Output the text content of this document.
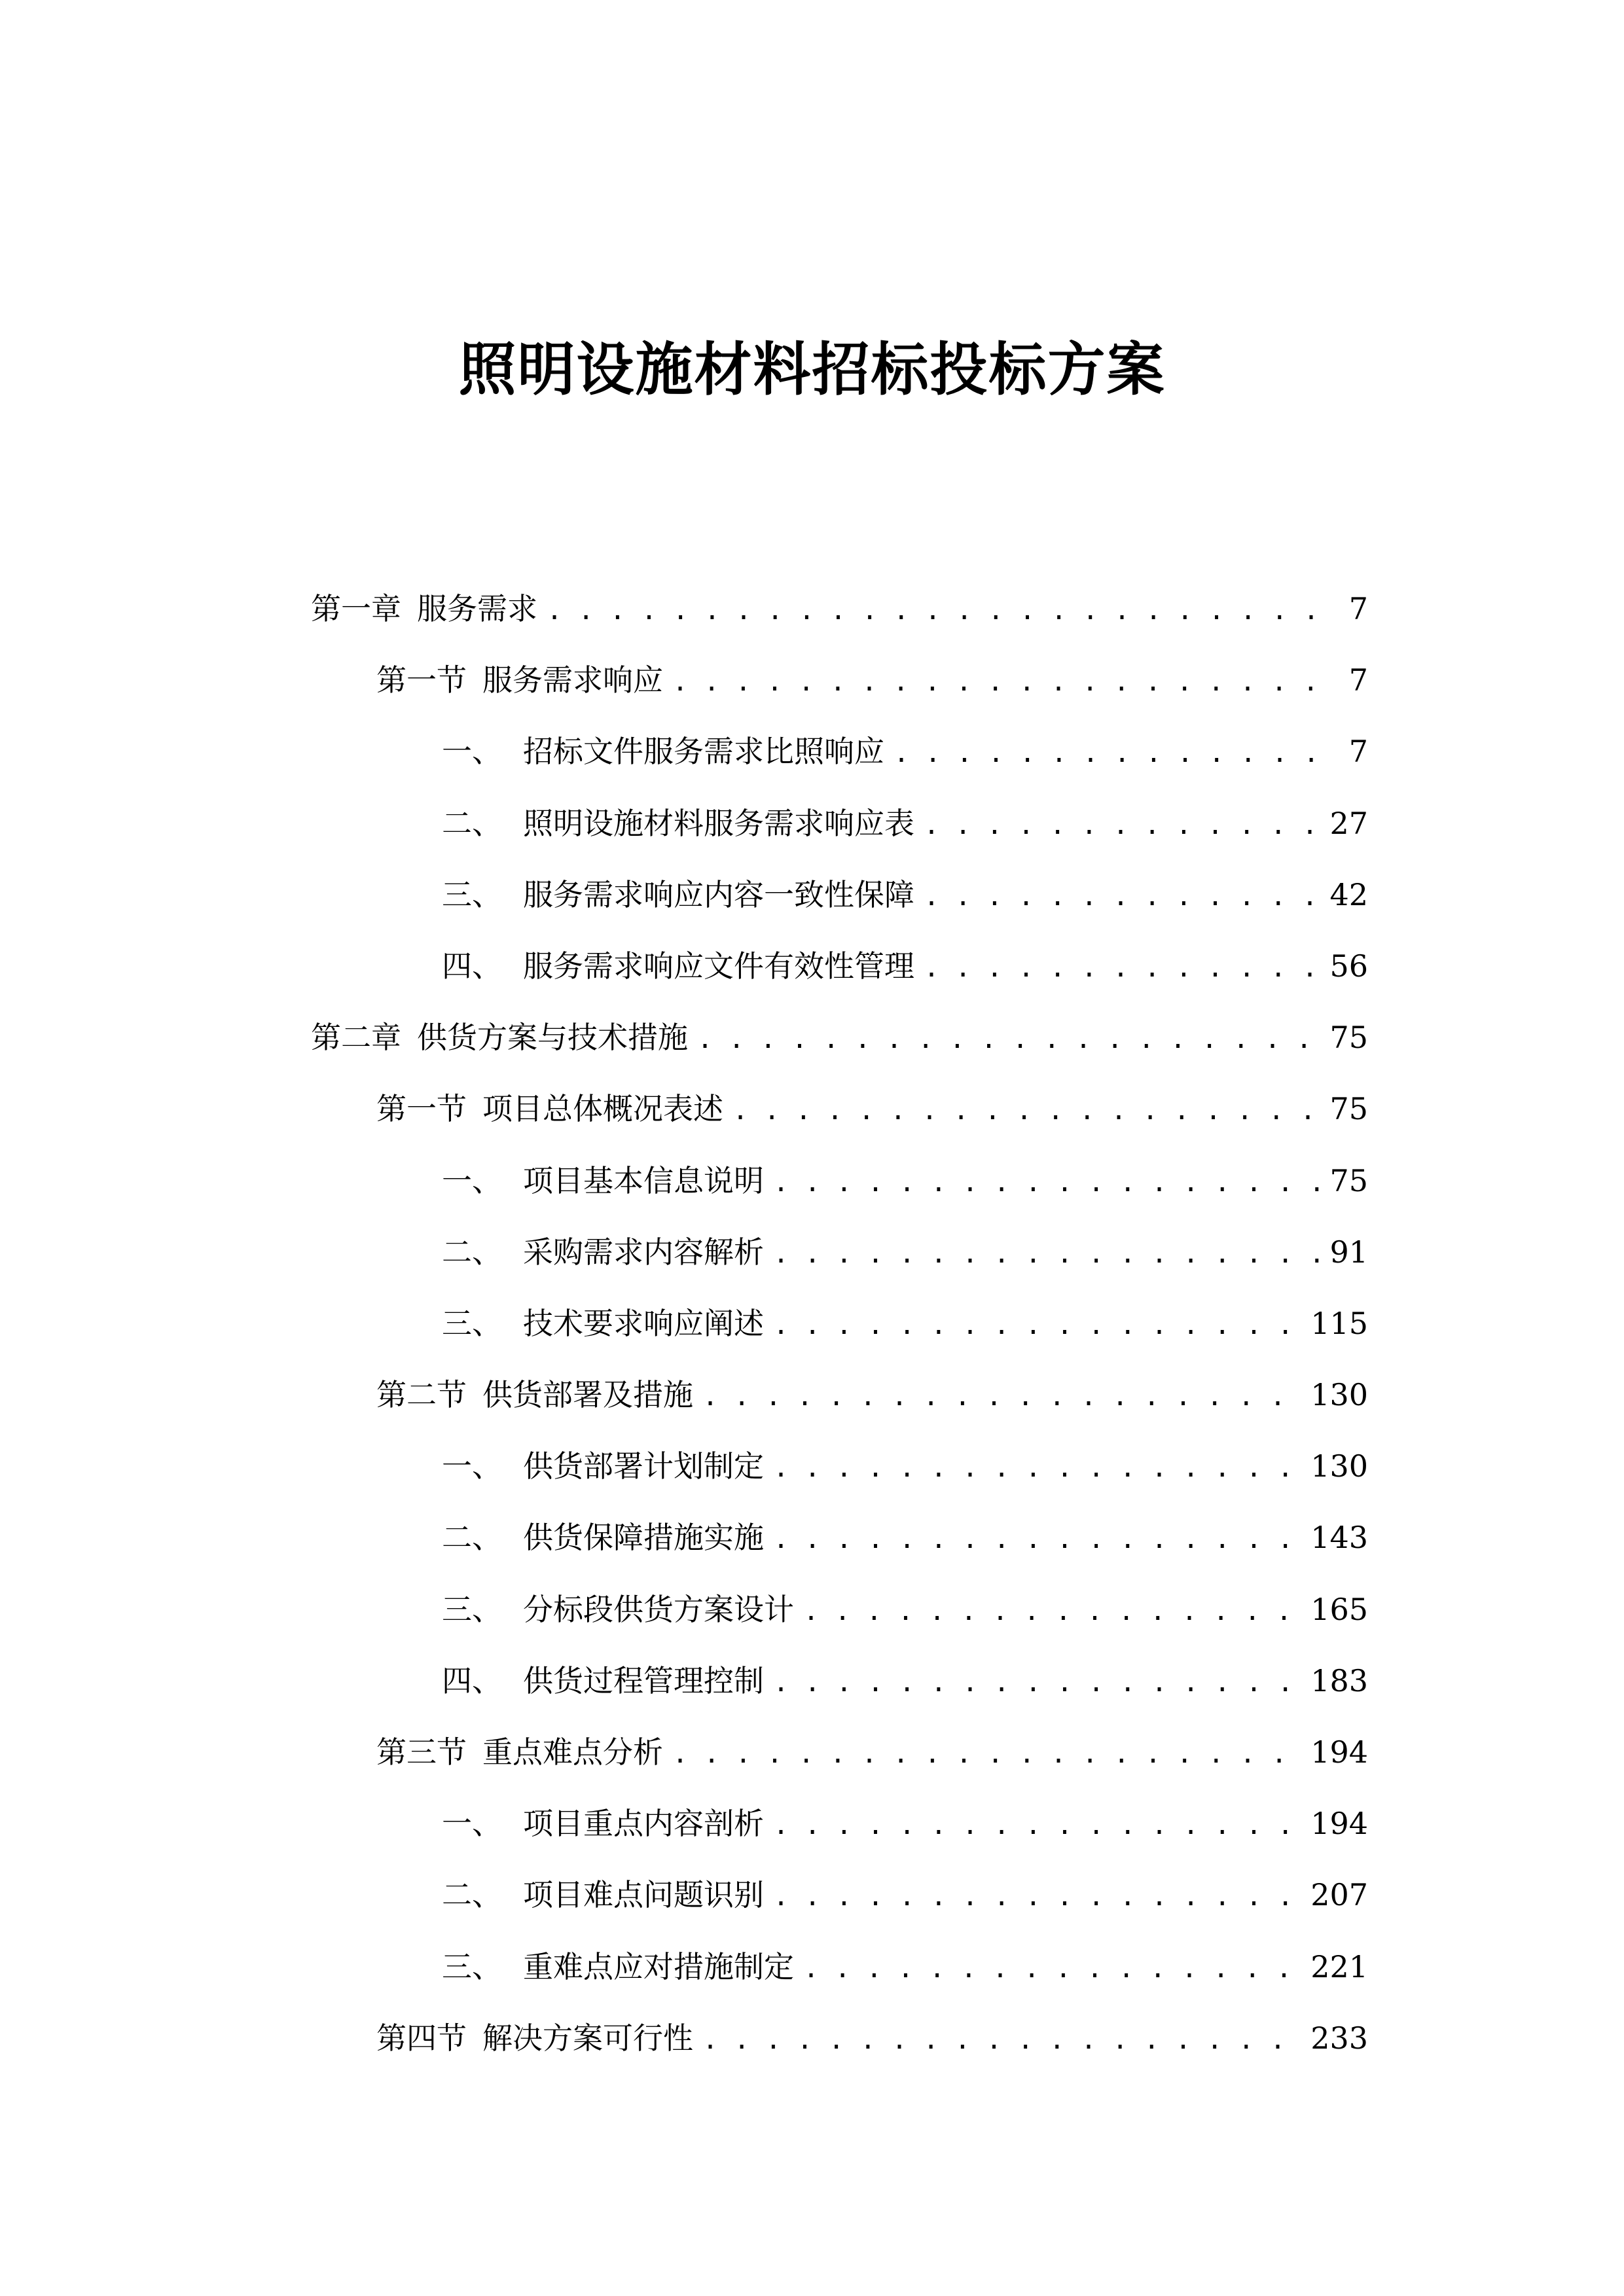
照明设施材料招标投标方案
第一章 服务需求 . . .	7
第一节 服务需求响应 . . .	7
一、 招标文件服务需求比照响应 . . .	7
二、 照明设施材料服务需求响应表 . . .	27
三、 服务需求响应内容一致性保障 . . .	42
四、 服务需求响应文件有效性管理 . . .	56
第二章 供货方案与技术措施 . . .	75
第一节 项目总体概况表述 . . .	75
一、 项目基本信息说明 . . .	75
二、 采购需求内容解析 . . .	91
三、 技术要求响应阐述 . . .	115
第二节 供货部署及措施 . . .	130
一、 供货部署计划制定 . . .	130
二、 供货保障措施实施 . . .	143
三、 分标段供货方案设计 . . .	165
四、 供货过程管理控制 . . .	183
第三节 重点难点分析 . . .	194
一、 项目重点内容剖析 . . .	194
二、 项目难点问题识别 . . .	207
三、 重难点应对措施制定 . . .	221
第四节 解决方案可行性 . . .	233
